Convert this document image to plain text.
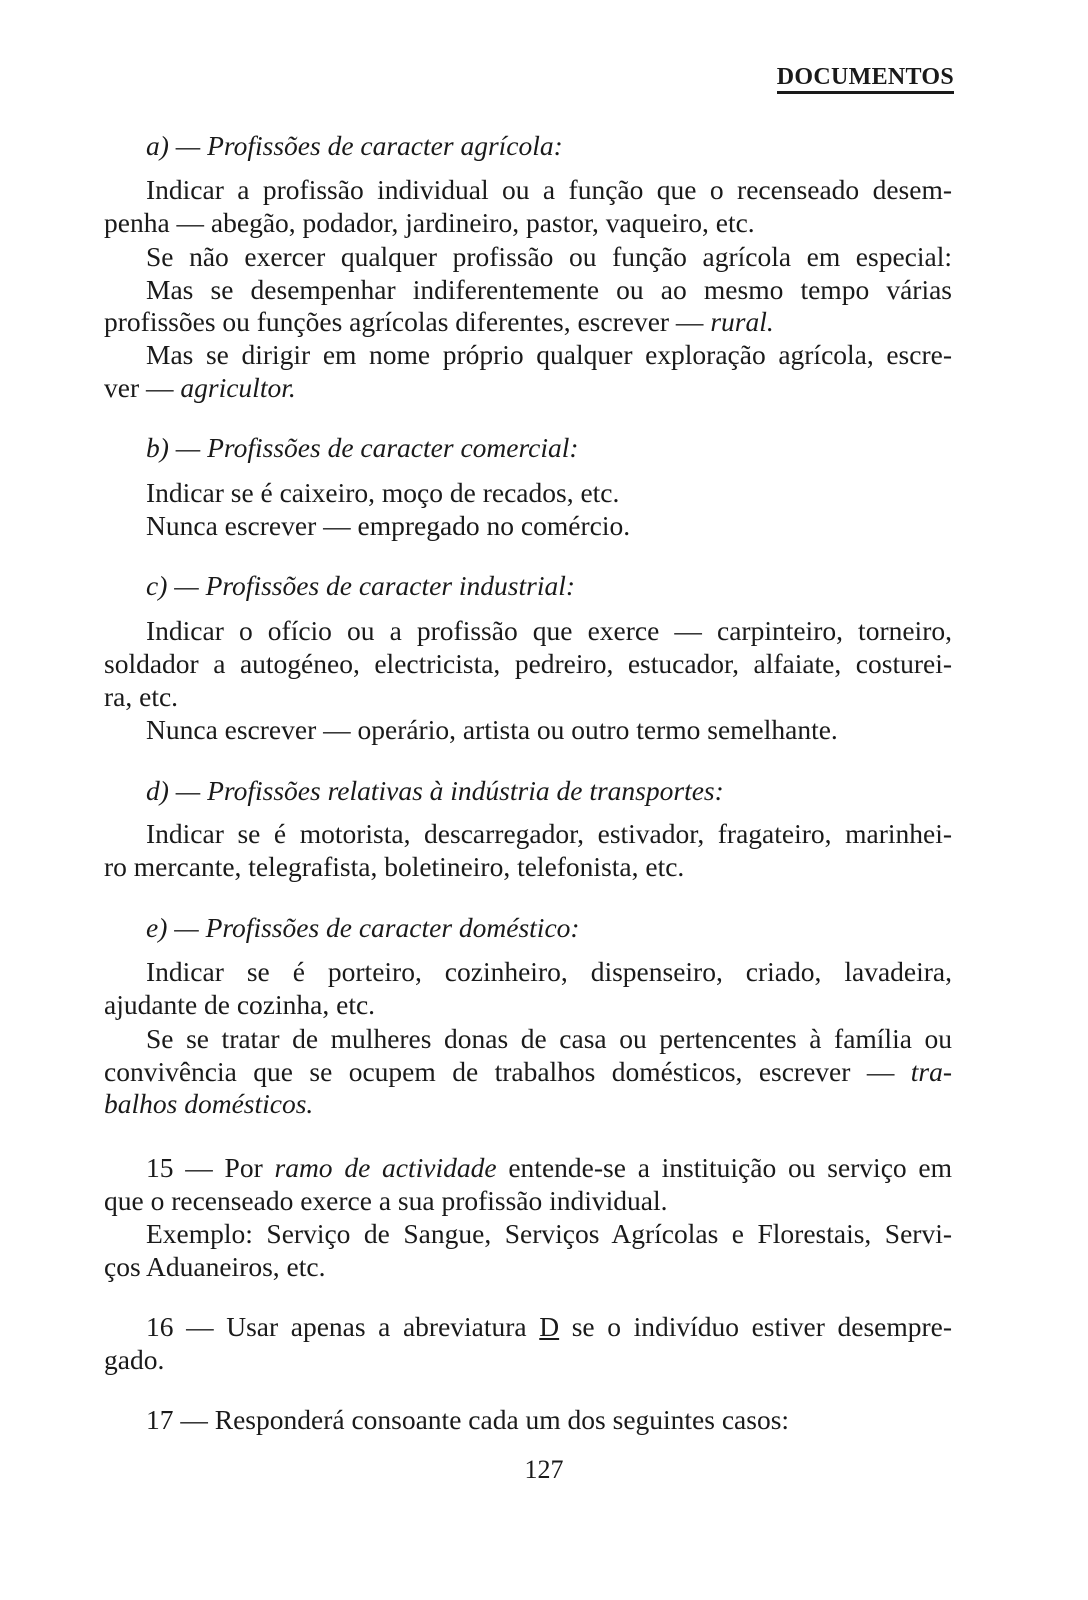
DOCUMENTOS
a) — Profissões de caracter agrícola:
Indicar a profissão individual ou a função que o recenseado desem-
penha — abegão, podador, jardineiro, pastor, vaqueiro, etc.
Se não exercer qualquer profissão ou função agrícola em especial:
Mas se desempenhar indiferentemente ou ao mesmo tempo várias
profissões ou funções agrícolas diferentes, escrever — rural.
Mas se dirigir em nome próprio qualquer exploração agrícola, escre-
ver — agricultor.
b) — Profissões de caracter comercial:
Indicar se é caixeiro, moço de recados, etc.
Nunca escrever — empregado no comércio.
c) — Profissões de caracter industrial:
Indicar o ofício ou a profissão que exerce — carpinteiro, torneiro,
soldador a autogéneo, electricista, pedreiro, estucador, alfaiate, costurei-
ra, etc.
Nunca escrever — operário, artista ou outro termo semelhante.
d) — Profissões relativas à indústria de transportes:
Indicar se é motorista, descarregador, estivador, fragateiro, marinhei-
ro mercante, telegrafista, boletineiro, telefonista, etc.
e) — Profissões de caracter doméstico:
Indicar se é porteiro, cozinheiro, dispenseiro, criado, lavadeira,
ajudante de cozinha, etc.
Se se tratar de mulheres donas de casa ou pertencentes à família ou
convivência que se ocupem de trabalhos domésticos, escrever — tra-
balhos domésticos.
15 — Por ramo de actividade entende-se a instituição ou serviço em
que o recenseado exerce a sua profissão individual.
Exemplo: Serviço de Sangue, Serviços Agrícolas e Florestais, Servi-
ços Aduaneiros, etc.
16 — Usar apenas a abreviatura D se o indivíduo estiver desempre-
gado.
17 — Responderá consoante cada um dos seguintes casos:
127
